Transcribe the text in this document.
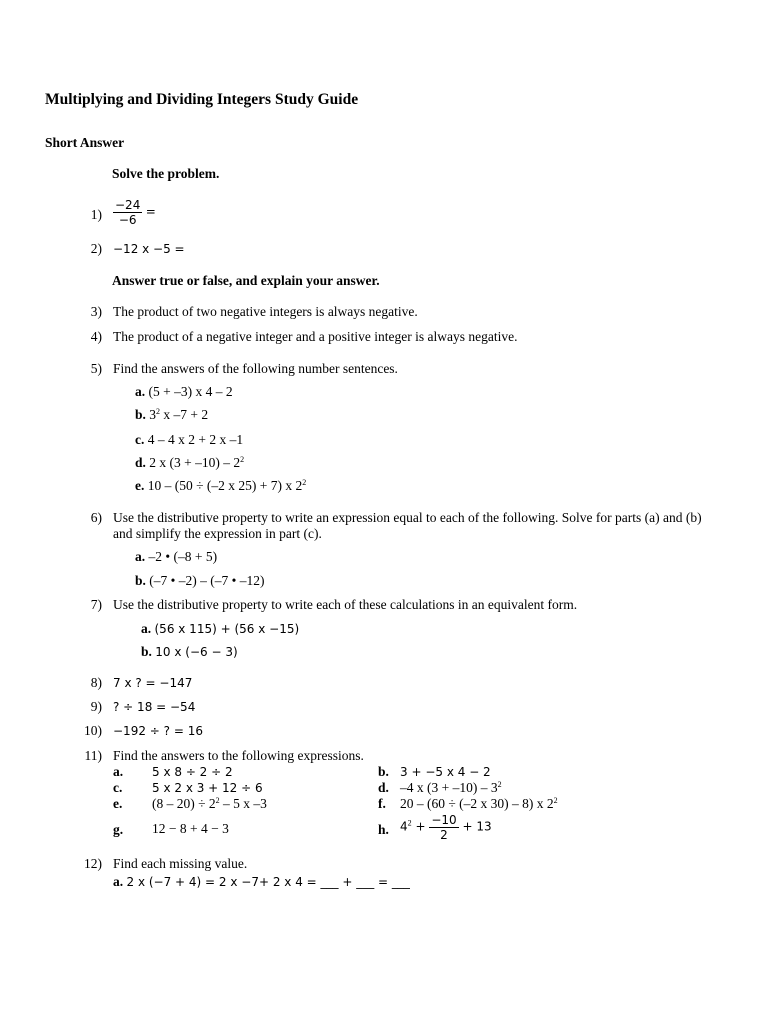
Multiplying and Dividing Integers Study Guide
Short Answer
Solve the problem.
$1) \frac{-24}{-6}$ =
2) −12 x −5 =
Answer true or false, and explain your answer.
3) The product of two negative integers is always negative.
4) The product of a negative integer and a positive integer is always negative.
5) Find the answers of the following number sentences.
a. (5 + –3) x 4 – 2
b. $3^2$ x –7 + 2
c. 4 – 4 x 2 + 2 x –1
d. 2 x $(3 + -10) - 2^2$
e. 10 – (50 ÷ (–2 x 25) + 7) x $2^2$
6) Use the distributive property to write an expression equal to each of the following. Solve for parts (a) and (b)
and simplify the expression in part (c).
a. –2 • (–8 + 5)
b. (–7 • –2) – (–7 • –12)
7) Use the distributive property to write each of these calculations in an equivalent form.
a. (56 x 115) + (56 x −15)
b. 10 x (−6 − 3)
8) 7 x ? = −147
9) ? ÷ 18 = −54
10) −192 ÷ ? = 16
11) Find the answers to the following expressions.
a. 5 x 8 ÷ 2 ÷ 2	b. 3 + −5 x 4 − 2
c. 5 x 2 x 3 + 12 ÷ 6	d. –4 x $(3 + -10) - 3^2$
e. $(8 - 20) \div 2^2 - 5$ x –3	f. 20 – (60 ÷ (–2 x 30) – 8) x $2^2$
g. 12 − 8 + 4 − 3	h. $4^2 + \frac{-10}{2} + 13$
12) Find each missing value.
a. 2 x (−7 + 4) = 2 x −7+ 2 x 4 = ___ + ___ = ___
